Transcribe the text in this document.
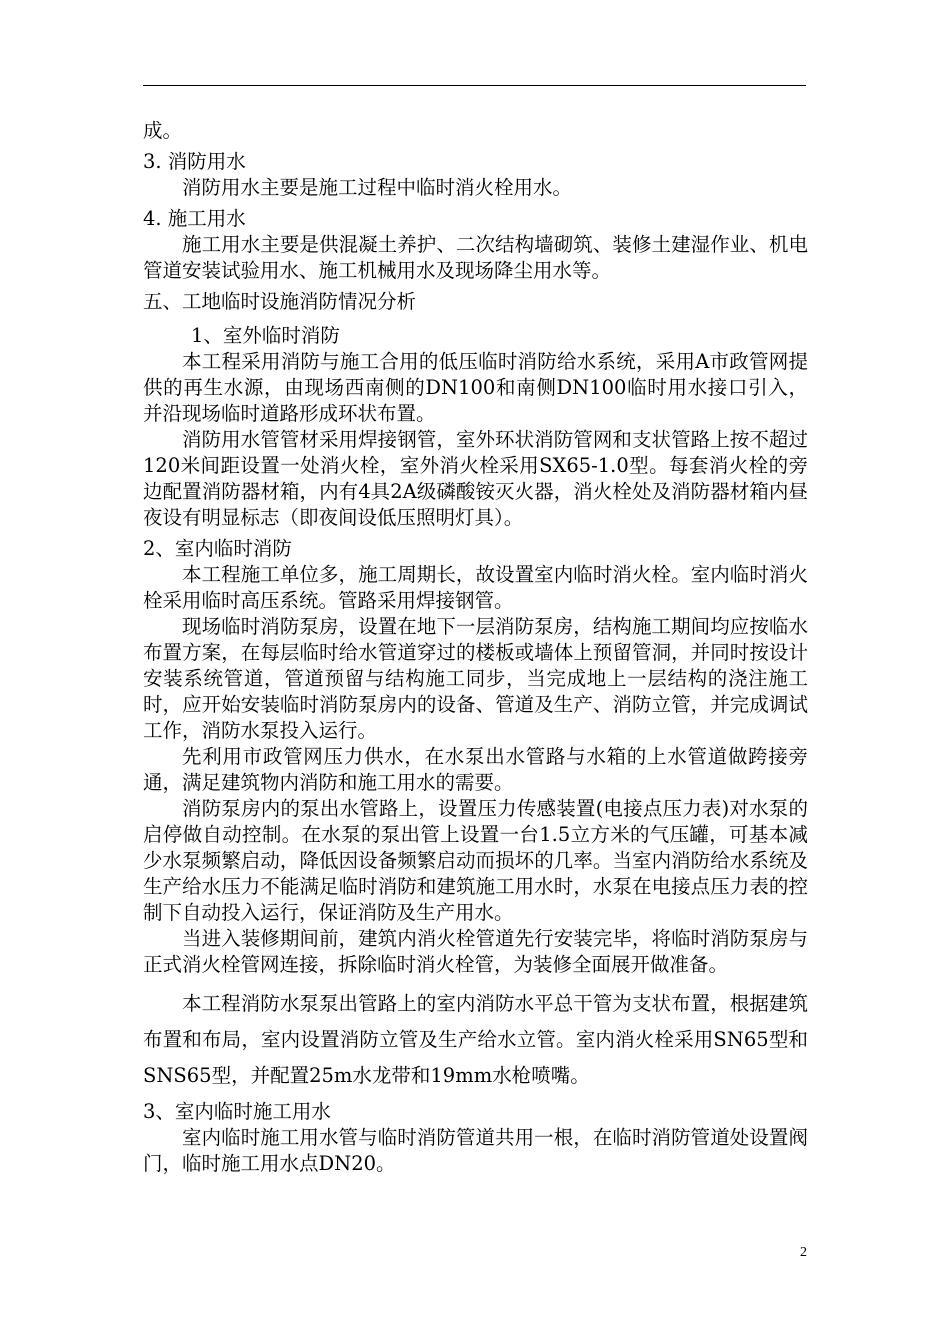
成。

3. 消防用水

消防用水主要是施工过程中临时消火栓用水。

4. 施工用水

施工用水主要是供混凝土养护、二次结构墙砌筑、装修土建湿作业、机电管道安装试验用水、施工机械用水及现场降尘用水等。

五、工地临时设施消防情况分析

1、室外临时消防

本工程采用消防与施工合用的低压临时消防给水系统，采用A市政管网提供的再生水源，由现场西南侧的DN100和南侧DN100临时用水接口引入，并沿现场临时道路形成环状布置。

消防用水管管材采用焊接钢管，室外环状消防管网和支状管路上按不超过120米间距设置一处消火栓，室外消火栓采用SX65-1.0型。每套消火栓的旁边配置消防器材箱，内有4具2A级磷酸铵灭火器，消火栓处及消防器材箱内昼夜设有明显标志（即夜间设低压照明灯具）。

2、室内临时消防

本工程施工单位多，施工周期长，故设置室内临时消火栓。室内临时消火栓采用临时高压系统。管路采用焊接钢管。

现场临时消防泵房，设置在地下一层消防泵房，结构施工期间均应按临水布置方案，在每层临时给水管道穿过的楼板或墙体上预留管洞，并同时按设计安装系统管道，管道预留与结构施工同步，当完成地上一层结构的浇注施工时，应开始安装临时消防泵房内的设备、管道及生产、消防立管，并完成调试工作，消防水泵投入运行。

先利用市政管网压力供水，在水泵出水管路与水箱的上水管道做跨接旁通，满足建筑物内消防和施工用水的需要。

消防泵房内的泵出水管路上，设置压力传感装置(电接点压力表)对水泵的启停做自动控制。在水泵的泵出管上设置一台1.5立方米的气压罐，可基本减少水泵频繁启动，降低因设备频繁启动而损坏的几率。当室内消防给水系统及生产给水压力不能满足临时消防和建筑施工用水时，水泵在电接点压力表的控制下自动投入运行，保证消防及生产用水。

当进入装修期间前，建筑内消火栓管道先行安装完毕，将临时消防泵房与正式消火栓管网连接，拆除临时消火栓管，为装修全面展开做准备。

本工程消防水泵泵出管路上的室内消防水平总干管为支状布置，根据建筑布置和布局，室内设置消防立管及生产给水立管。室内消火栓采用SN65型和SNS65型，并配置25m水龙带和19mm水枪喷嘴。

3、室内临时施工用水

室内临时施工用水管与临时消防管道共用一根，在临时消防管道处设置阀门，临时施工用水点DN20。

2
